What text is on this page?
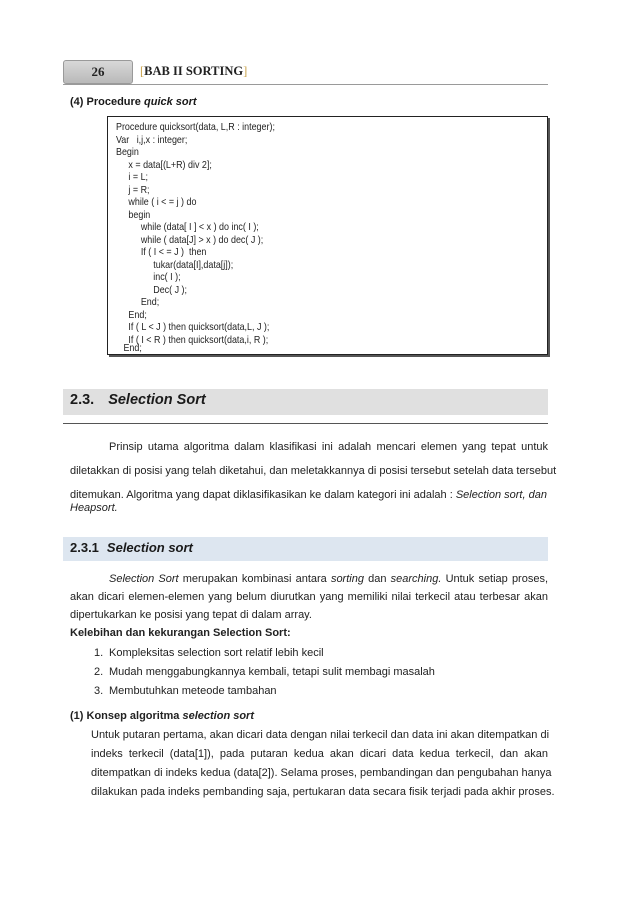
26	[BAB II SORTING]
(4) Procedure quick sort
Procedure quicksort(data, L,R : integer);
Var   i,j,x : integer;
Begin
x = data[(L+R) div 2];
i = L;
j = R;
while ( i < = j ) do
begin
while (data[ I ] < x ) do inc( I );
while ( data[J] > x ) do dec( J );
If ( I < = J )  then
tukar(data[I],data[j]);
inc( I );
Dec( J );
End;
End;
If ( L < J ) then quicksort(data,L, J );
If ( I < R ) then quicksort(data,i, R );
End;
2.3. Selection Sort
Prinsip utama algoritma dalam klasifikasi ini adalah mencari elemen yang tepat untuk
diletakkan di posisi yang telah diketahui, dan meletakkannya di posisi tersebut setelah data tersebut
ditemukan. Algoritma yang dapat diklasifikasikan ke dalam kategori ini adalah : Selection sort, dan
Heapsort.
2.3.1 Selection sort
Selection Sort merupakan kombinasi antara sorting dan searching. Untuk setiap proses,
akan dicari elemen-elemen yang belum diurutkan yang memiliki nilai terkecil atau terbesar akan
dipertukarkan ke posisi yang tepat di dalam array.
Kelebihan dan kekurangan Selection Sort:
1. Kompleksitas selection sort relatif lebih kecil
2. Mudah menggabungkannya kembali, tetapi sulit membagi masalah
3. Membutuhkan meteode tambahan
(1) Konsep algoritma selection sort
Untuk putaran pertama, akan dicari data dengan nilai terkecil dan data ini akan ditempatkan di
indeks terkecil (data[1]), pada putaran kedua akan dicari data kedua terkecil, dan akan
ditempatkan di indeks kedua (data[2]). Selama proses, pembandingan dan pengubahan hanya
dilakukan pada indeks pembanding saja, pertukaran data secara fisik terjadi pada akhir proses.
